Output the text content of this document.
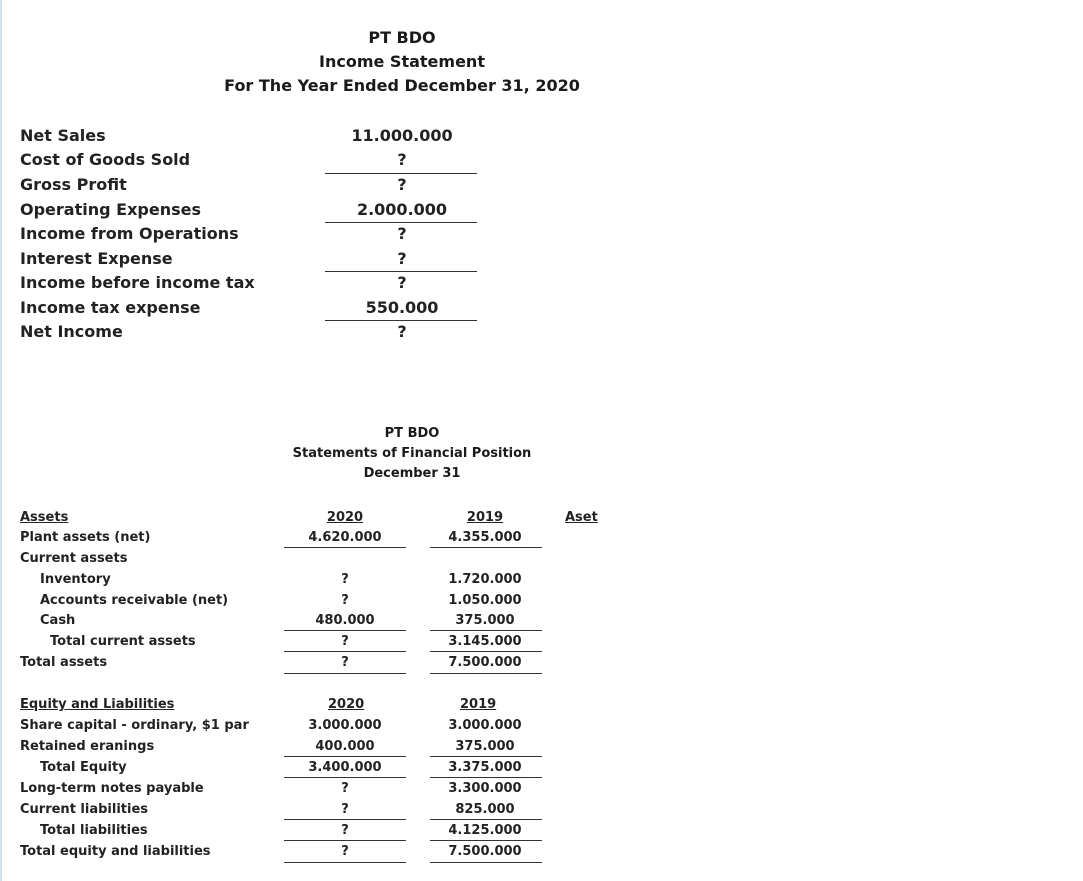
PT BDO
Income Statement
For The Year Ended December 31, 2020
Net Sales	11.000.000
Cost of Goods Sold	?
Gross Profit	?
Operating Expenses	2.000.000
Income from Operations	?
Interest Expense	?
Income before income tax	?
Income tax expense	550.000
Net Income	?
PT BDO
Statements of Financial Position
December 31
Assets	2020	2019	Aset
Plant assets (net)	4.620.000	4.355.000
Current assets
Inventory	?	1.720.000
Accounts receivable (net)	?	1.050.000
Cash	480.000	375.000
Total current assets	?	3.145.000
Total assets	?	7.500.000
Equity and Liabilities	2020	2019
Share capital - ordinary, $1 par	3.000.000	3.000.000
Retained eranings	400.000	375.000
Total Equity	3.400.000	3.375.000
Long-term notes payable	?	3.300.000
Current liabilities	?	825.000
Total liabilities	?	4.125.000
Total equity and liabilities	?	7.500.000
